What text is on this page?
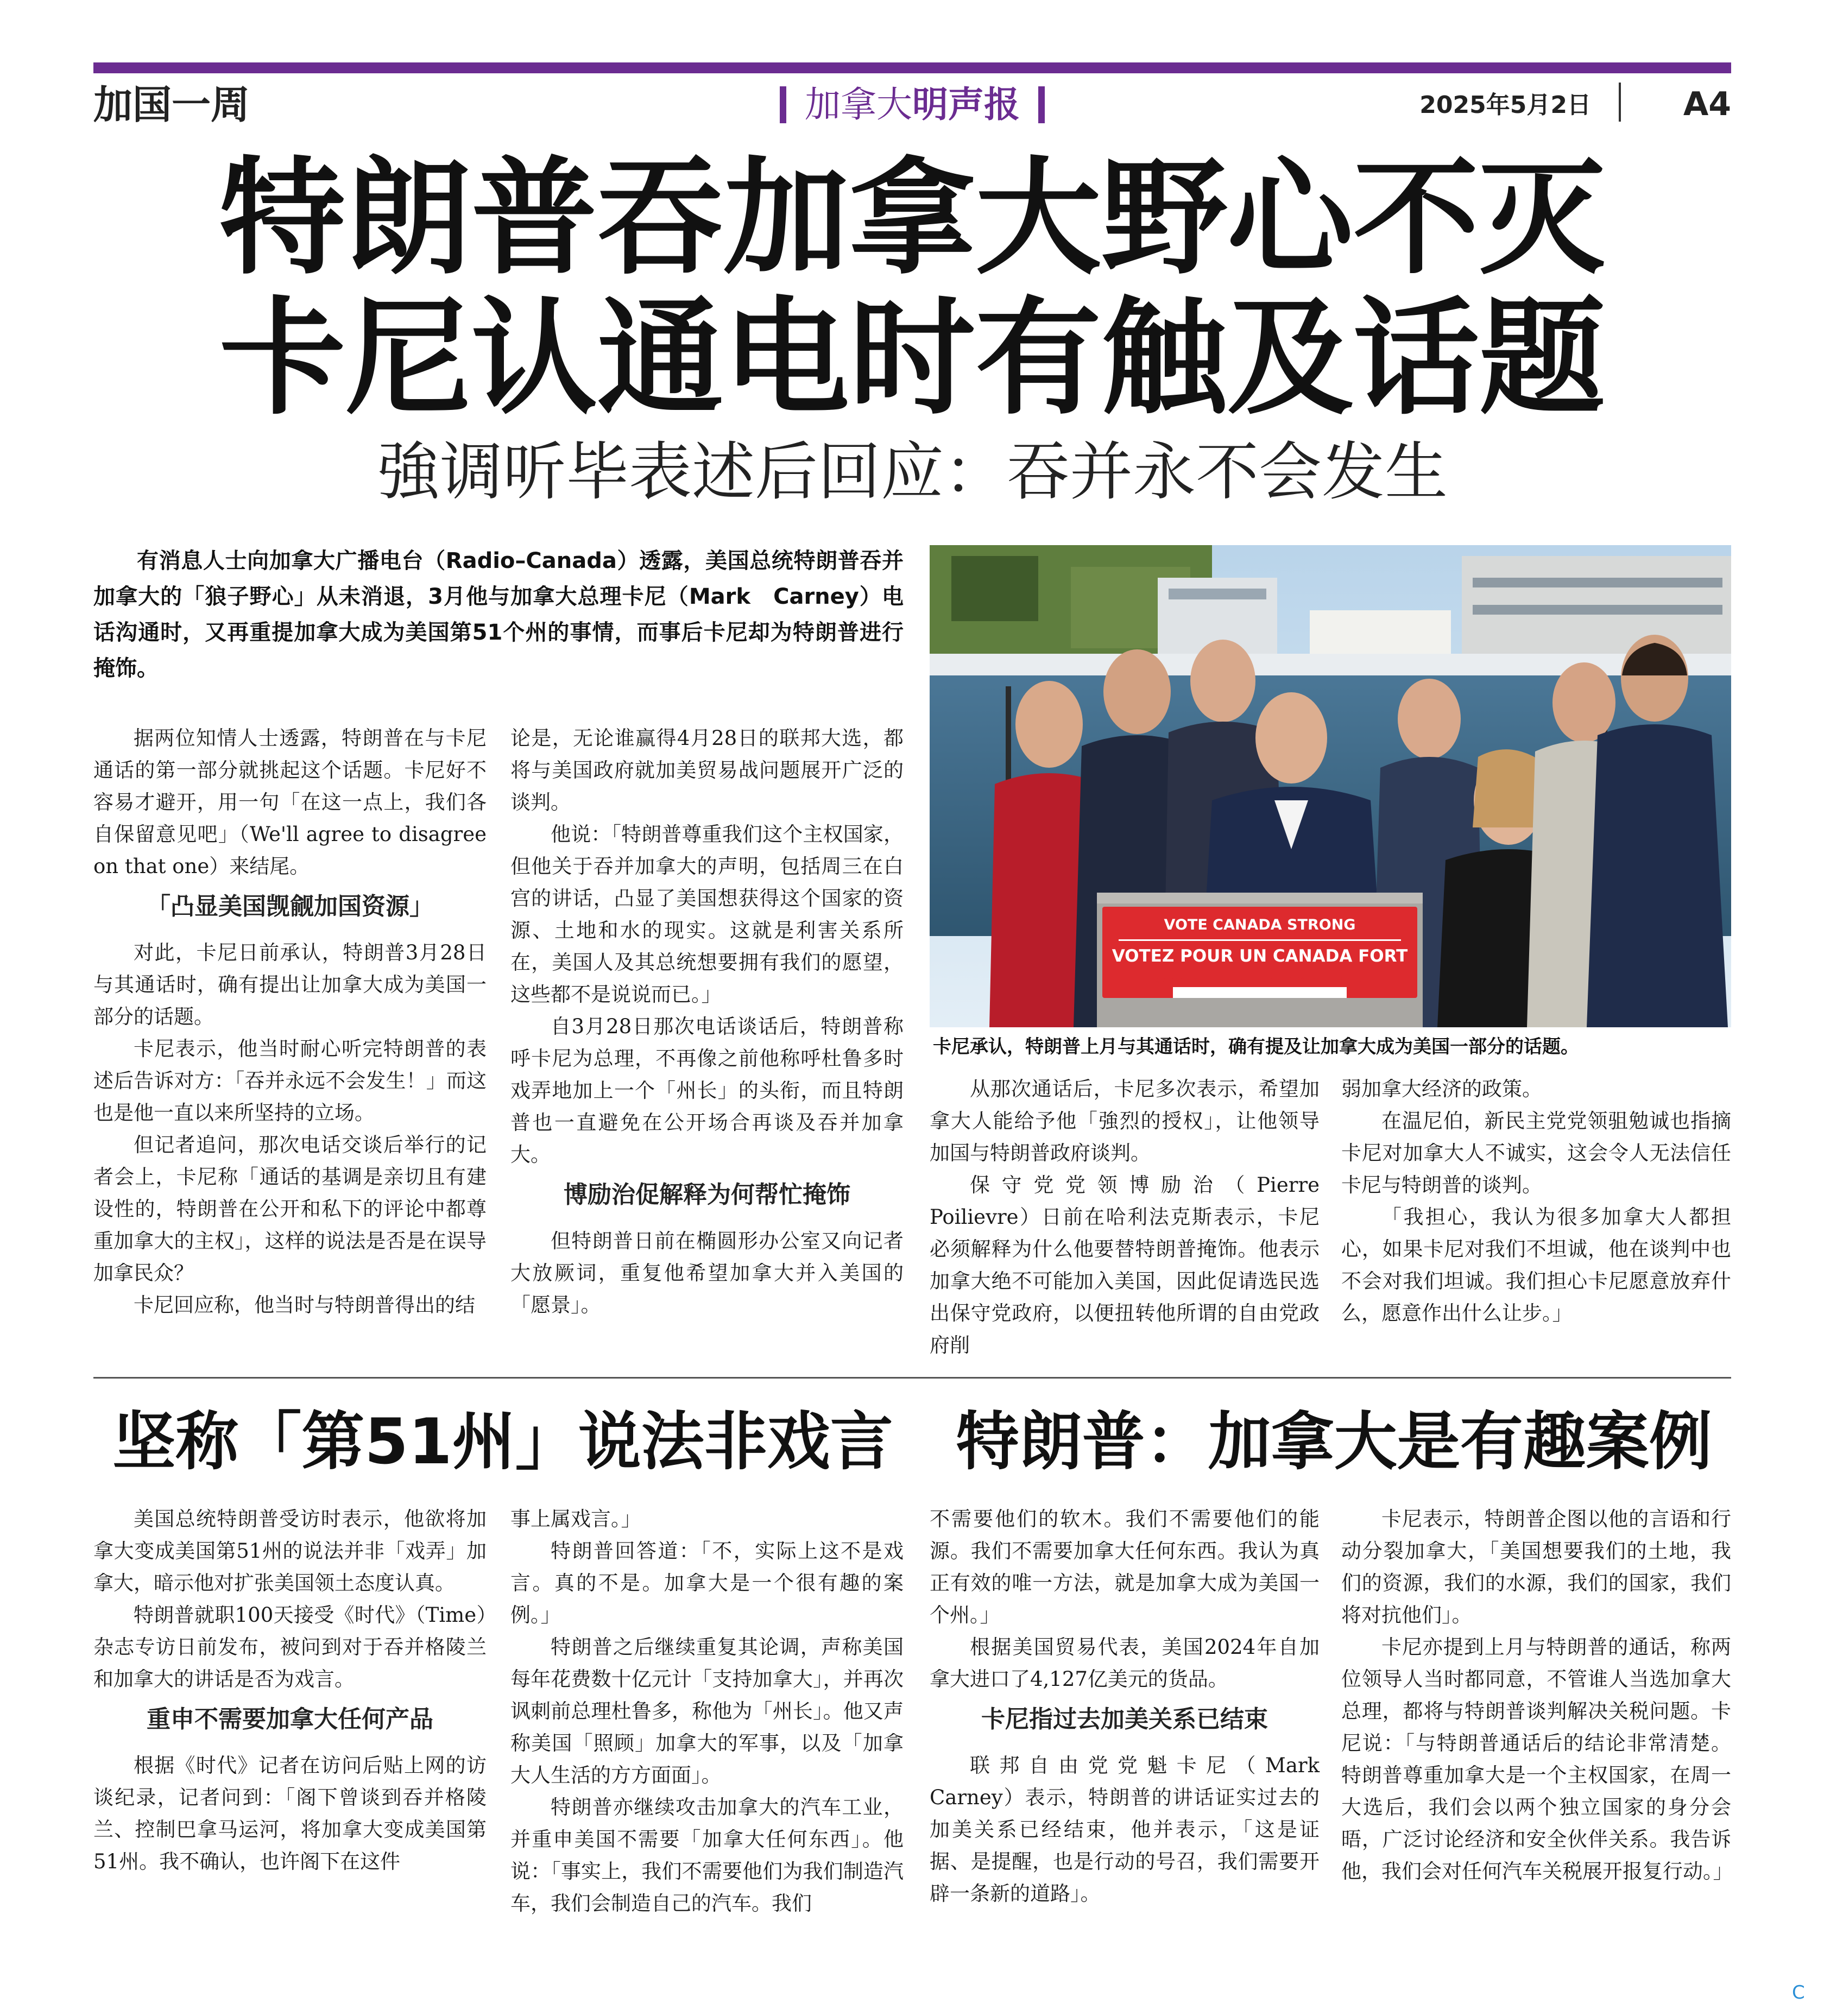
加国一周	加拿大明声报	2025年5月2日	A4
特朗普吞加拿大野心不灭
卡尼认通电时有触及话题
強调听毕表述后回应：吞并永不会发生

有消息人士向加拿大广播电台（Radio–Canada）透露，美国总统特朗普吞并加拿大的「狼子野心」从未消退，3月他与加拿大总理卡尼（Mark　Carney）电话沟通时，又再重提加拿大成为美国第51个州的事情，而事后卡尼却为特朗普进行掩饰。

据两位知情人士透露，特朗普在与卡尼通话的第一部分就挑起这个话题。卡尼好不容易才避开，用一句「在这一点上，我们各自保留意见吧」（We'll agree to disagree on that one）来结尾。

「凸显美国觊觎加国资源」

对此，卡尼日前承认，特朗普3月28日与其通话时，确有提出让加拿大成为美国一部分的话题。

卡尼表示，他当时耐心听完特朗普的表述后告诉对方：「吞并永远不会发生！」而这也是他一直以来所坚持的立场。

但记者追问，那次电话交谈后举行的记者会上，卡尼称「通话的基调是亲切且有建设性的，特朗普在公开和私下的评论中都尊重加拿大的主权」，这样的说法是否是在误导加拿民众？

卡尼回应称，他当时与特朗普得出的结

论是，无论谁赢得4月28日的联邦大选，都将与美国政府就加美贸易战问题展开广泛的谈判。

他说：「特朗普尊重我们这个主权国家，但他关于吞并加拿大的声明，包括周三在白宫的讲话，凸显了美国想获得这个国家的资源、土地和水的现实。这就是利害关系所在，美国人及其总统想要拥有我们的愿望，这些都不是说说而已。」

自3月28日那次电话谈话后，特朗普称呼卡尼为总理，不再像之前他称呼杜鲁多时戏弄地加上一个「州长」的头衔，而且特朗普也一直避免在公开场合再谈及吞并加拿大。

博励治促解释为何帮忙掩饰

但特朗普日前在椭圆形办公室又向记者大放厥词，重复他希望加拿大并入美国的「愿景」。

VOTE CANADA STRONG
VOTEZ POUR UN CANADA FORT
Text VOTE to 54222 • Textez VOTER au 54222
卡尼承认，特朗普上月与其通话时，确有提及让加拿大成为美国一部分的话题。

从那次通话后，卡尼多次表示，希望加拿大人能给予他「強烈的授权」，让他领导加国与特朗普政府谈判。

保守党党领博励治（Pierre　Poilievre）日前在哈利法克斯表示，卡尼必须解释为什么他要替特朗普掩饰。他表示加拿大绝不可能加入美国，因此促请选民选出保守党政府，以便扭转他所谓的自由党政府削

弱加拿大经济的政策。

在温尼伯，新民主党党领驵勉诚也指摘卡尼对加拿大人不诚实，这会令人无法信任卡尼与特朗普的谈判。

「我担心，我认为很多加拿大人都担心，如果卡尼对我们不坦诚，他在谈判中也不会对我们坦诚。我们担心卡尼愿意放弃什么，愿意作出什么让步。」

坚称「第51州」说法非戏言　特朗普：加拿大是有趣案例

美国总统特朗普受访时表示，他欲将加拿大变成美国第51州的说法并非「戏弄」加拿大，暗示他对扩张美国领土态度认真。

特朗普就职100天接受《时代》（Time）杂志专访日前发布，被问到对于吞并格陵兰和加拿大的讲话是否为戏言。

重申不需要加拿大任何产品

根据《时代》记者在访问后贴上网的访谈纪录，记者问到：「阁下曾谈到吞并格陵兰、控制巴拿马运河，将加拿大变成美国第51州。我不确认，也许阁下在这件

事上属戏言。」

特朗普回答道：「不，实际上这不是戏言。真的不是。加拿大是一个很有趣的案例。」

特朗普之后继续重复其论调，声称美国每年花费数十亿元计「支持加拿大」，并再次讽刺前总理杜鲁多，称他为「州长」。他又声称美国「照顾」加拿大的军事，以及「加拿大人生活的方方面面」。

特朗普亦继续攻击加拿大的汽车工业，并重申美国不需要「加拿大任何东西」。他说：「事实上，我们不需要他们为我们制造汽车，我们会制造自己的汽车。我们

不需要他们的软木。我们不需要他们的能源。我们不需要加拿大任何东西。我认为真正有效的唯一方法，就是加拿大成为美国一个州。」

根据美国贸易代表，美国2024年自加拿大进口了4,127亿美元的货品。

卡尼指过去加美关系已结束

联邦自由党党魁卡尼（Mark　Carney）表示，特朗普的讲话证实过去的加美关系已经结束，他并表示，「这是证据、是提醒，也是行动的号召，我们需要开辟一条新的道路」。

卡尼表示，特朗普企图以他的言语和行动分裂加拿大，「美国想要我们的土地，我们的资源，我们的水源，我们的国家，我们将对抗他们」。

卡尼亦提到上月与特朗普的通话，称两位领导人当时都同意，不管谁人当选加拿大总理，都将与特朗普谈判解决关税问题。卡尼说：「与特朗普通话后的结论非常清楚。特朗普尊重加拿大是一个主权国家，在周一大选后，我们会以两个独立国家的身分会晤，广泛讨论经济和安全伙伴关系。我告诉他，我们会对任何汽车关税展开报复行动。」

C
